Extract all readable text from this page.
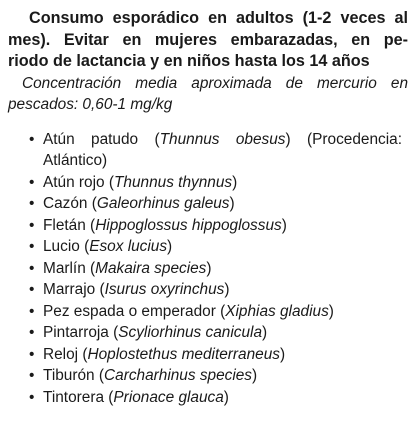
Consumo esporádico en adultos (1-2 veces al
mes). Evitar en mujeres embarazadas, en pe-
riodo de lactancia y en niños hasta los 14 años
Concentración media aproximada de mercurio en
pescados: 0,60-1 mg/kg
• Atún patudo (Thunnus obesus) (Procedencia:
Atlántico)
• Atún rojo (Thunnus thynnus)
• Cazón (Galeorhinus galeus)
• Fletán (Hippoglossus hippoglossus)
• Lucio (Esox lucius)
• Marlín (Makaira species)
• Marrajo (Isurus oxyrinchus)
• Pez espada o emperador (Xiphias gladius)
• Pintarroja (Scyliorhinus canicula)
• Reloj (Hoplostethus mediterraneus)
• Tiburón (Carcharhinus species)
• Tintorera (Prionace glauca)
